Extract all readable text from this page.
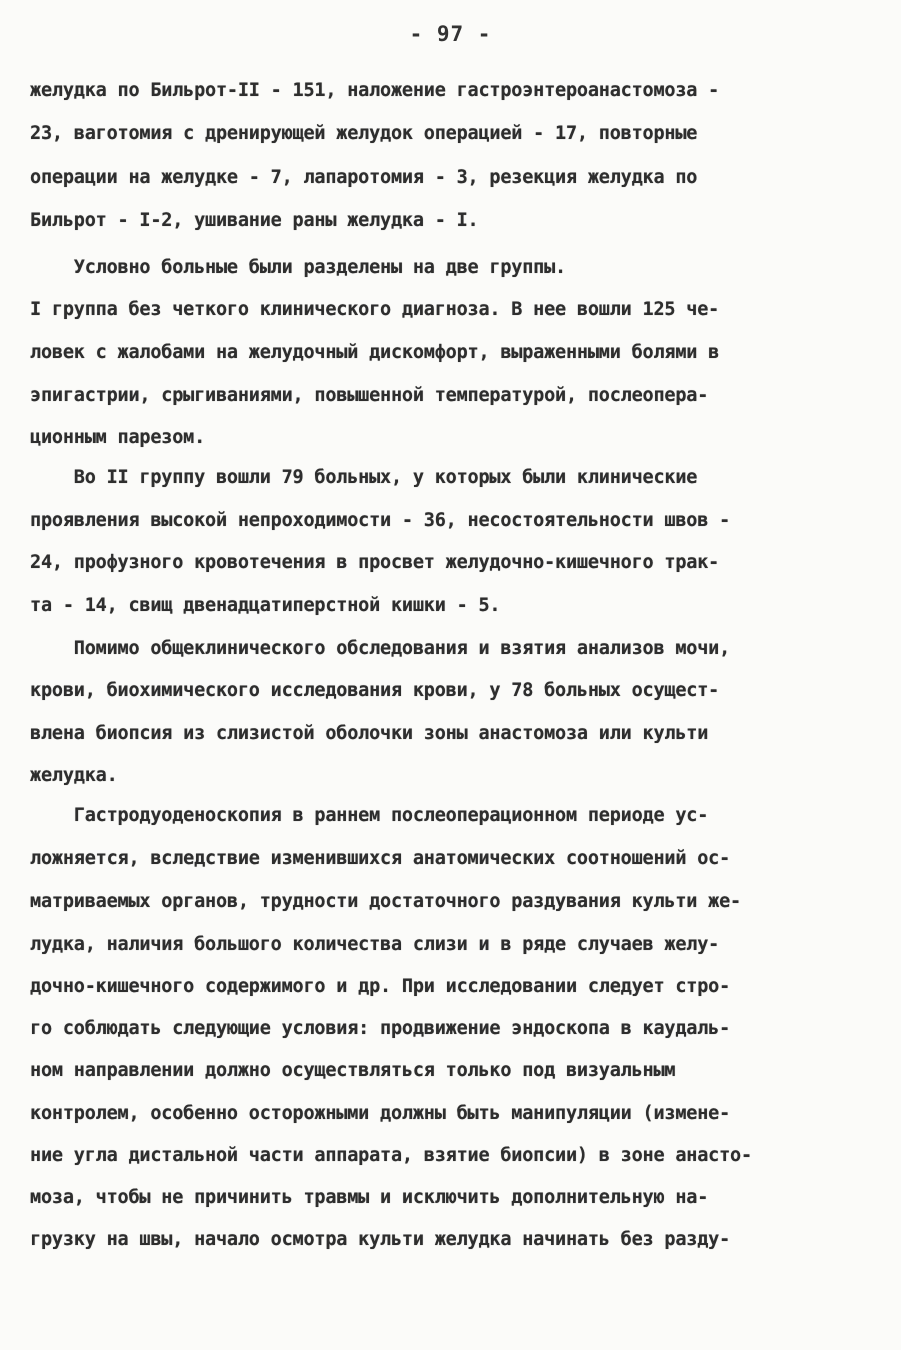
- 97 -
желудка по Бильрот-II - 151, наложение гастроэнтероанастомоза -
23, ваготомия с дренирующей желудок операцией - 17, повторные
операции на желудке - 7, лапаротомия - 3, резекция желудка по
Бильрот - I-2, ушивание раны желудка - I.
Условно больные были разделены на две группы.
I группа без четкого клинического диагноза. В нее вошли 125 че-
ловек с жалобами на желудочный дискомфорт, выраженными болями в
эпигастрии, срыгиваниями, повышенной температурой, послеопера-
ционным парезом.
Во II группу вошли 79 больных, у которых были клинические
проявления высокой непроходимости - 36, несостоятельности швов -
24, профузного кровотечения в просвет желудочно-кишечного трак-
та - 14, свищ двенадцатиперстной кишки - 5.
Помимо общеклинического обследования и взятия анализов мочи,
крови, биохимического исследования крови, у 78 больных осущест-
влена биопсия из слизистой оболочки зоны анастомоза или культи
желудка.
Гастродуоденоскопия в раннем послеоперационном периоде ус-
ложняется, вследствие изменившихся анатомических соотношений ос-
матриваемых органов, трудности достаточного раздувания культи же-
лудка, наличия большого количества слизи и в ряде случаев желу-
дочно-кишечного содержимого и др. При исследовании следует стро-
го соблюдать следующие условия: продвижение эндоскопа в каудаль-
ном направлении должно осуществляться только под визуальным
контролем, особенно осторожными должны быть манипуляции (измене-
ние угла дистальной части аппарата, взятие биопсии) в зоне анасто-
моза, чтобы не причинить травмы и исключить дополнительную на-
грузку на швы, начало осмотра культи желудка начинать без разду-
